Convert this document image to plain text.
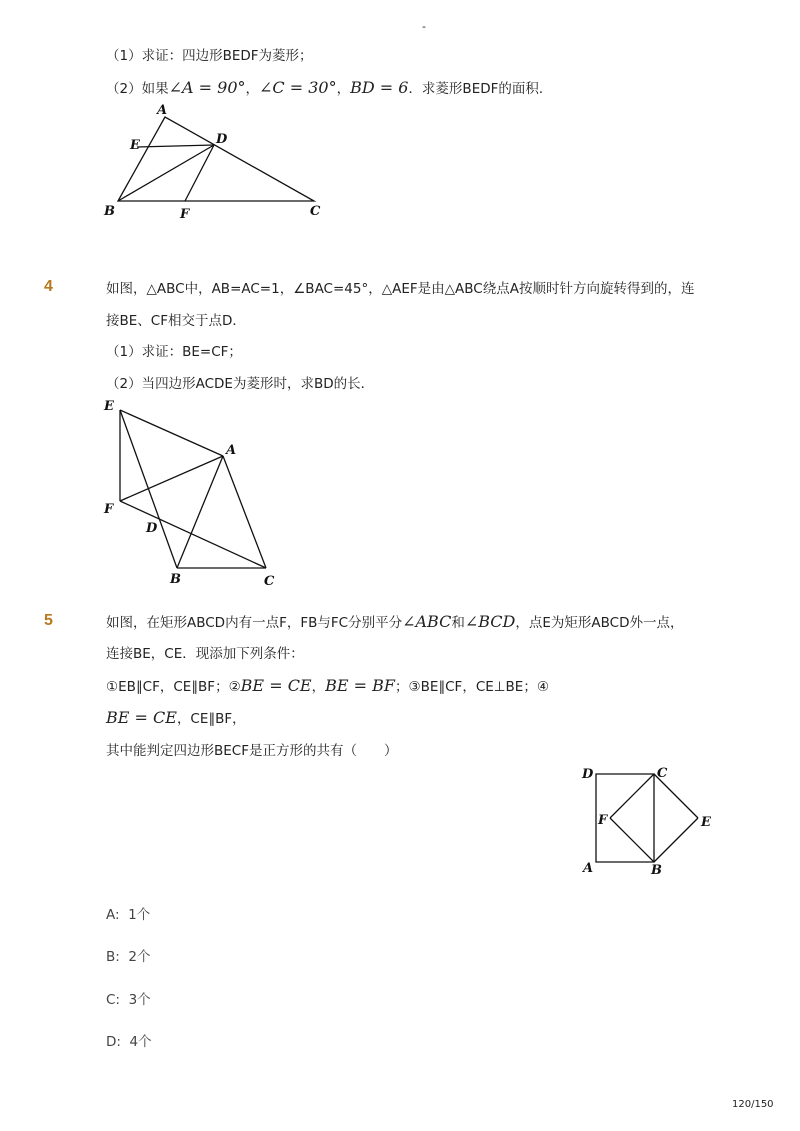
-
（1）求证：四边形BEDF为菱形；
（2）如果∠A = 90°，∠C = 30°，BD = 6．求菱形BEDF的面积．
A
E	D
B	F	C
4	如图，△ABC中，AB=AC=1，∠BAC=45°，△AEF是由△ABC绕点A按顺时针方向旋转得到的，连
接BE、CF相交于点D．
（1）求证：BE=CF；
（2）当四边形ACDE为菱形时，求BD的长．
E
A
F
D
B	C
5	如图，在矩形ABCD内有一点F，FB与FC分别平分∠ABC和∠BCD，点E为矩形ABCD外一点，
连接BE，CE．现添加下列条件：
①EB∥CF，CE∥BF；②BE = CE，BE = BF；③BE∥CF，CE⊥BE；④
BE = CE，CE∥BF，
其中能判定四边形BECF是正方形的共有（　　）
D	C
F	E
A	B
A: 1个
B: 2个
C: 3个
D: 4个
120/150
